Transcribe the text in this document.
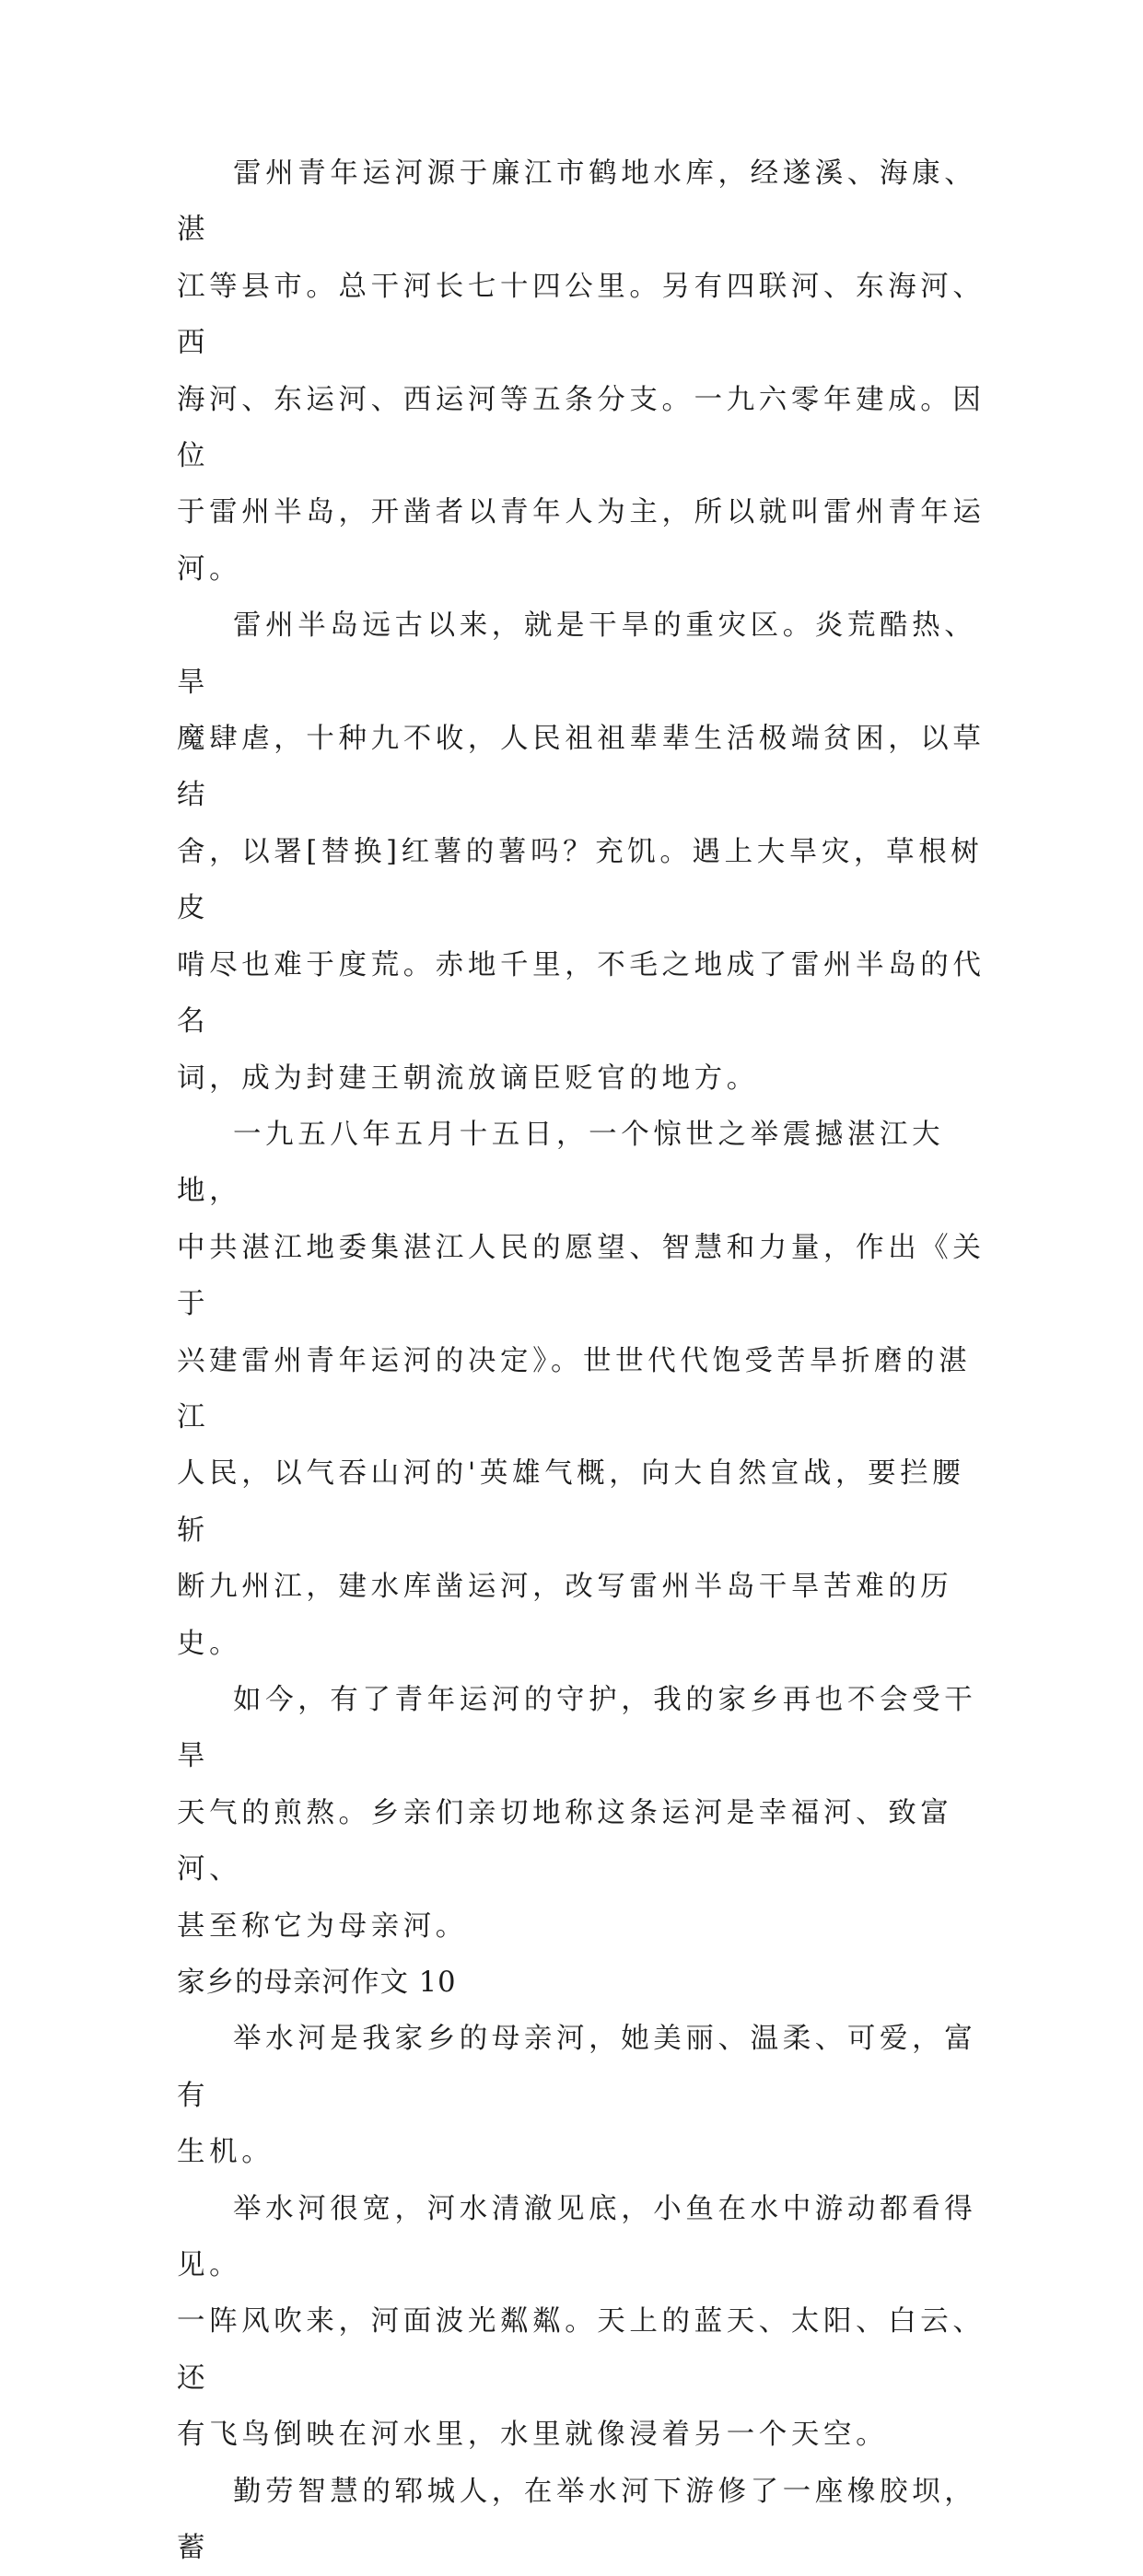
雷州青年运河源于廉江市鹤地水库，经遂溪、海康、湛
江等县市。总干河长七十四公里。另有四联河、东海河、西
海河、东运河、西运河等五条分支。一九六零年建成。因位
于雷州半岛，开凿者以青年人为主，所以就叫雷州青年运河。

雷州半岛远古以来，就是干旱的重灾区。炎荒酷热、旱
魔肆虐，十种九不收，人民祖祖辈辈生活极端贫困，以草结
舍，以署[替换]红薯的薯吗？充饥。遇上大旱灾，草根树皮
啃尽也难于度荒。赤地千里，不毛之地成了雷州半岛的代名
词，成为封建王朝流放谪臣贬官的地方。

一九五八年五月十五日，一个惊世之举震撼湛江大地，
中共湛江地委集湛江人民的愿望、智慧和力量，作出《关于
兴建雷州青年运河的决定》。世世代代饱受苦旱折磨的湛江
人民，以气吞山河的'英雄气概，向大自然宣战，要拦腰斩
断九州江，建水库凿运河，改写雷州半岛干旱苦难的历史。

如今，有了青年运河的守护，我的家乡再也不会受干旱
天气的煎熬。乡亲们亲切地称这条运河是幸福河、致富河、
甚至称它为母亲河。

家乡的母亲河作文 10

举水河是我家乡的母亲河，她美丽、温柔、可爱，富有
生机。

举水河很宽，河水清澈见底，小鱼在水中游动都看得见。
一阵风吹来，河面波光粼粼。天上的蓝天、太阳、白云、还
有飞鸟倒映在河水里，水里就像浸着另一个天空。

勤劳智慧的郓城人，在举水河下游修了一座橡胶坝，蓄
